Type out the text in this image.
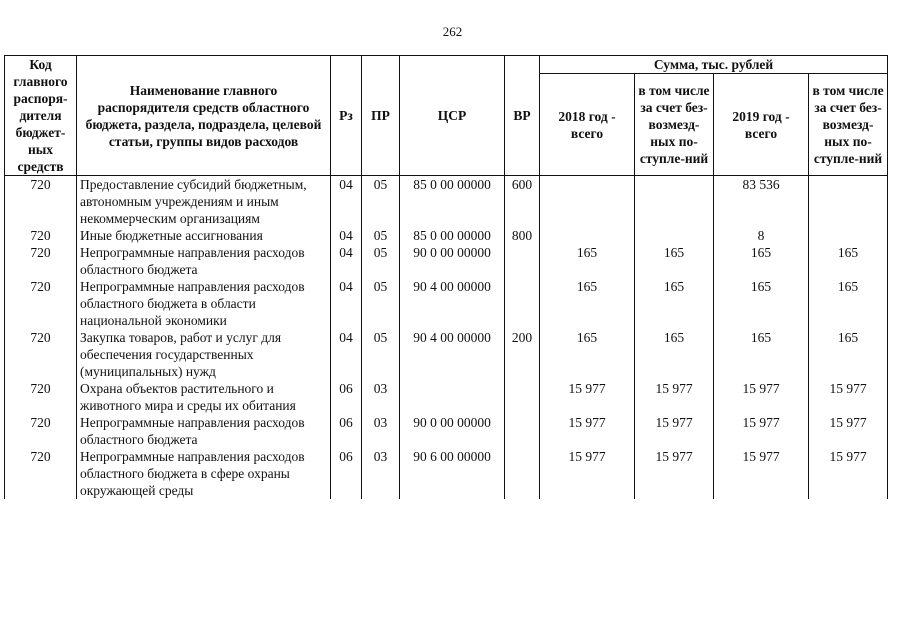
262
Код главного распоря-дителя бюджет-ных средств	Наименование главного распорядителя средств областного бюджета, раздела, подраздела, целевой статьи, группы видов расходов	Рз	ПР	ЦСР	ВР	Сумма, тыс. рублей			
						2018 год - всего	в том числе за счет без-возмезд-ных по-ступле-ний	2019 год - всего	в том числе за счет без-возмезд-ных по-ступле-ний
720	Предоставление субсидий бюджетным, автономным учреждениям и иным некоммерческим организациям	04	05	85 0 00 00000	600			83 536	
720	Иные бюджетные ассигнования	04	05	85 0 00 00000	800			8	
720	Непрограммные направления расходов областного бюджета	04	05	90 0 00 00000		165	165	165	165
720	Непрограммные направления расходов областного бюджета в области национальной экономики	04	05	90 4 00 00000		165	165	165	165
720	Закупка товаров, работ и услуг для обеспечения государственных (муниципальных) нужд	04	05	90 4 00 00000	200	165	165	165	165
720	Охрана объектов растительного и животного мира и среды их обитания	06	03			15 977	15 977	15 977	15 977
720	Непрограммные направления расходов областного бюджета	06	03	90 0 00 00000		15 977	15 977	15 977	15 977
720	Непрограммные направления расходов областного бюджета в сфере охраны окружающей среды	06	03	90 6 00 00000		15 977	15 977	15 977	15 977
